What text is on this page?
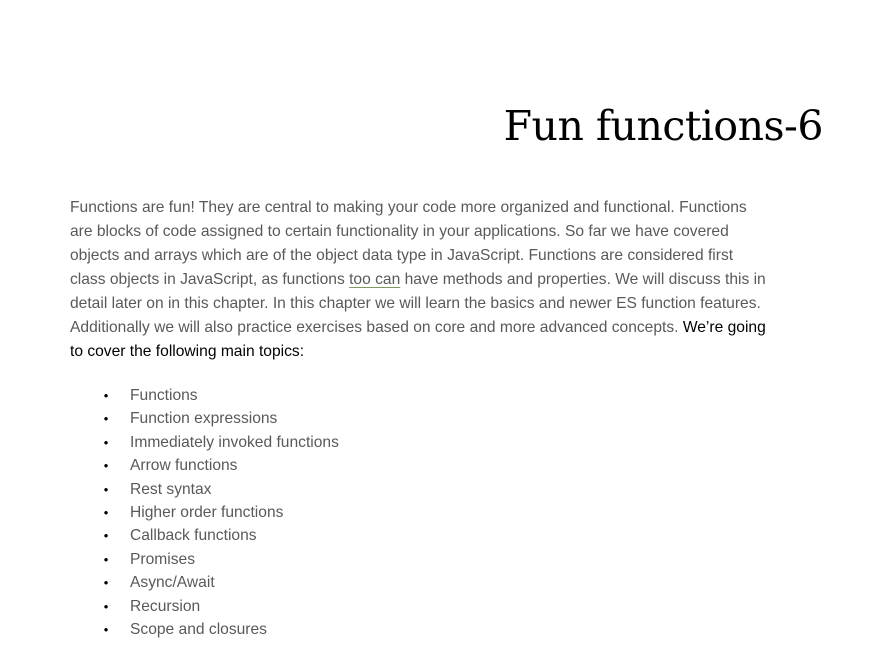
Fun functions-6

Functions are fun! They are central to making your code more organized and functional. Functions
are blocks of code assigned to certain functionality in your applications. So far we have covered
objects and arrays which are of the object data type in JavaScript. Functions are considered first
class objects in JavaScript, as functions too can have methods and properties. We will discuss this in
detail later on in this chapter. In this chapter we will learn the basics and newer ES function features.
Additionally we will also practice exercises based on core and more advanced concepts. We’re going
to cover the following main topics:

•	Functions
•	Function expressions
•	Immediately invoked functions
•	Arrow functions
•	Rest syntax
•	Higher order functions
•	Callback functions
•	Promises
•	Async/Await
•	Recursion
•	Scope and closures
